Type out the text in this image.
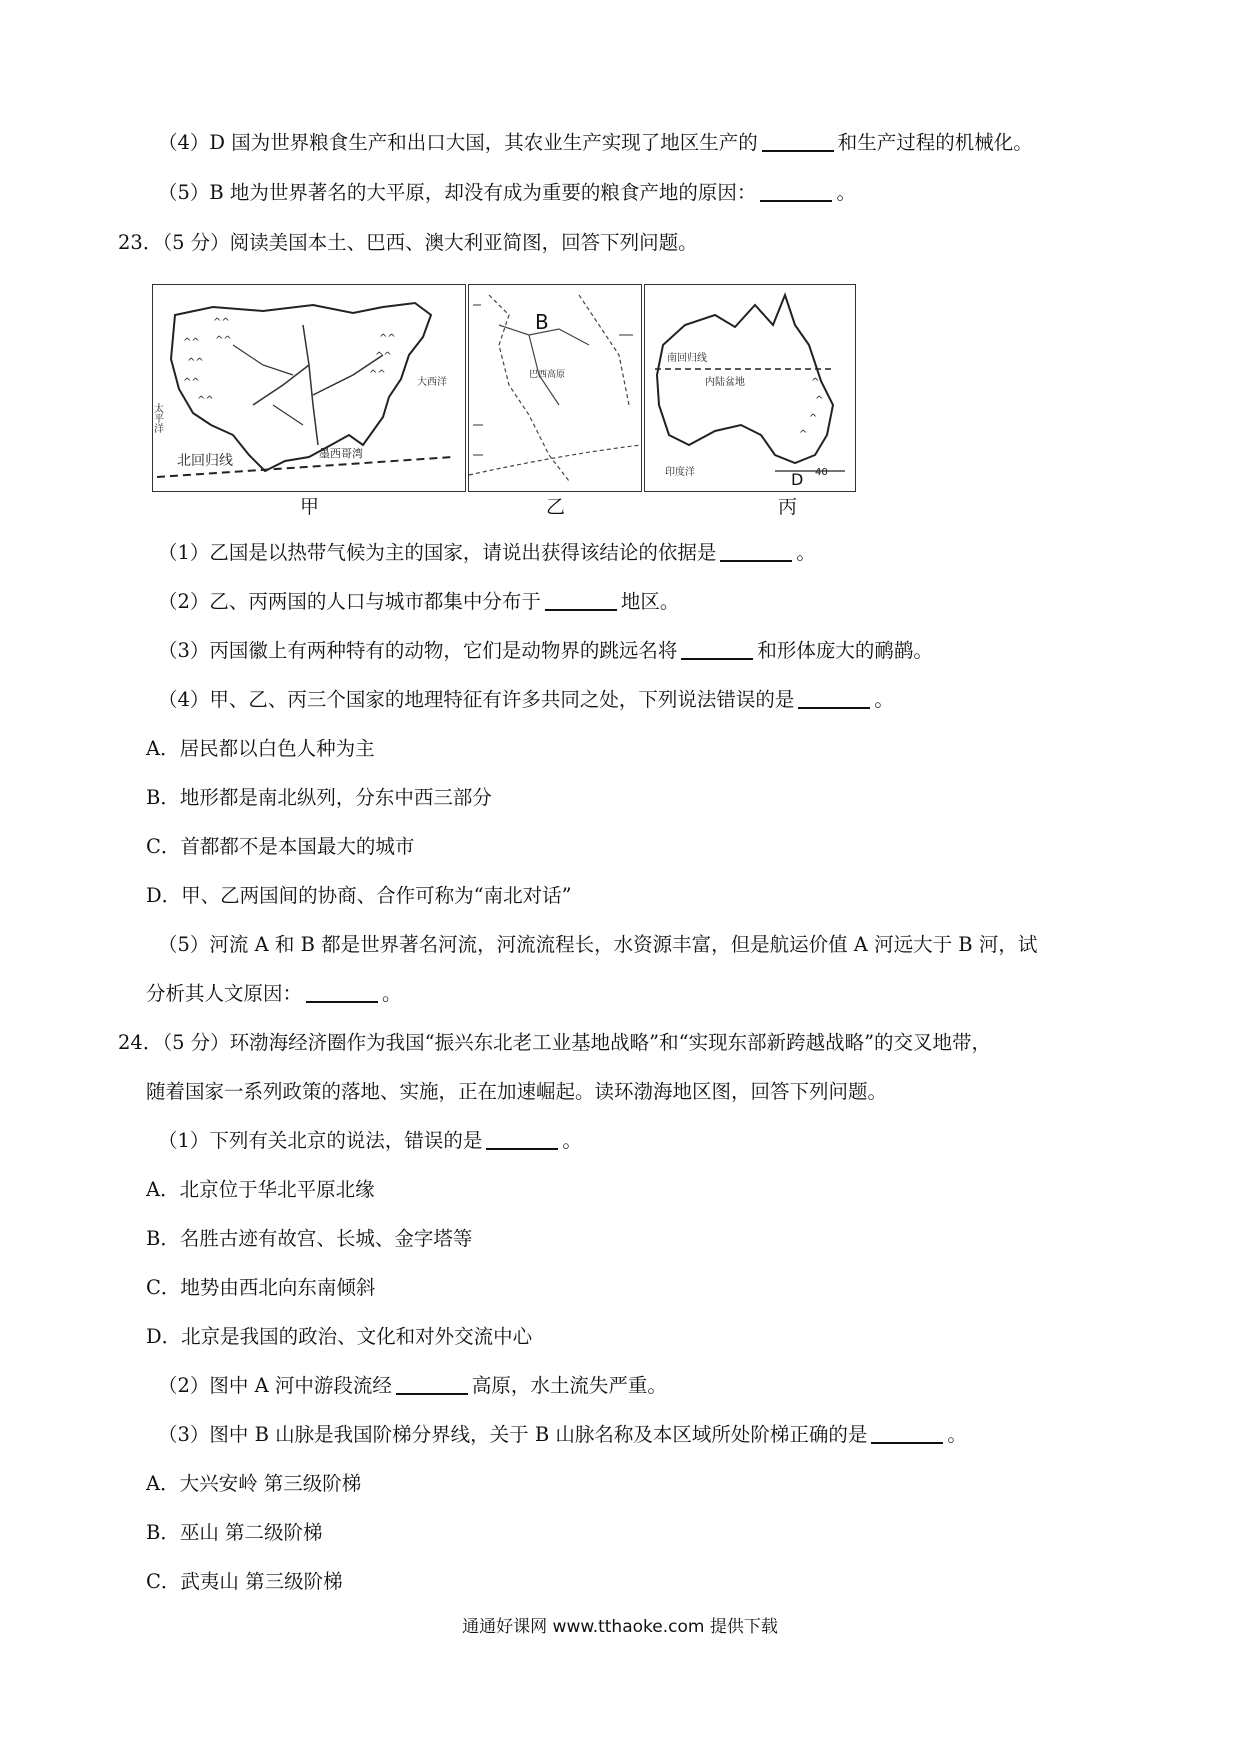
（4）D 国为世界粮食生产和出口大国，其农业生产实现了地区生产的	和生产过程的机械化。
（5）B 地为世界著名的大平原，却没有成为重要的粮食产地的原因：	。
23．（5 分）阅读美国本土、巴西、澳大利亚简图，回答下列问题。
^^
^^
^^
^^
^^
^^	^^
^^
^^
大西洋
太平洋
北回归线	墨西哥湾
B
巴西高原
南回归线
内陆盆地	^
^
^
^
印度洋	D 40
甲	乙	丙
（1）乙国是以热带气候为主的国家，请说出获得该结论的依据是	。
（2）乙、丙两国的人口与城市都集中分布于	地区。
（3）丙国徽上有两种特有的动物，它们是动物界的跳远名将	和形体庞大的鸸鹋。
（4）甲、乙、丙三个国家的地理特征有许多共同之处，下列说法错误的是	。
A．居民都以白色人种为主
B．地形都是南北纵列，分东中西三部分
C．首都都不是本国最大的城市
D．甲、乙两国间的协商、合作可称为“南北对话”
（5）河流 A 和 B 都是世界著名河流，河流流程长，水资源丰富，但是航运价值 A 河远大于 B 河，试
分析其人文原因：	。
24．（5 分）环渤海经济圈作为我国“振兴东北老工业基地战略”和“实现东部新跨越战略”的交叉地带，
随着国家一系列政策的落地、实施，正在加速崛起。读环渤海地区图，回答下列问题。
（1）下列有关北京的说法，错误的是	。
A．北京位于华北平原北缘
B．名胜古迹有故宫、长城、金字塔等
C．地势由西北向东南倾斜
D．北京是我国的政治、文化和对外交流中心
（2）图中 A 河中游段流经	高原，水土流失严重。
（3）图中 B 山脉是我国阶梯分界线，关于 B 山脉名称及本区域所处阶梯正确的是	。
A．大兴安岭 第三级阶梯
B．巫山 第二级阶梯
C．武夷山 第三级阶梯
通通好课网 www.tthaoke.com 提供下载
